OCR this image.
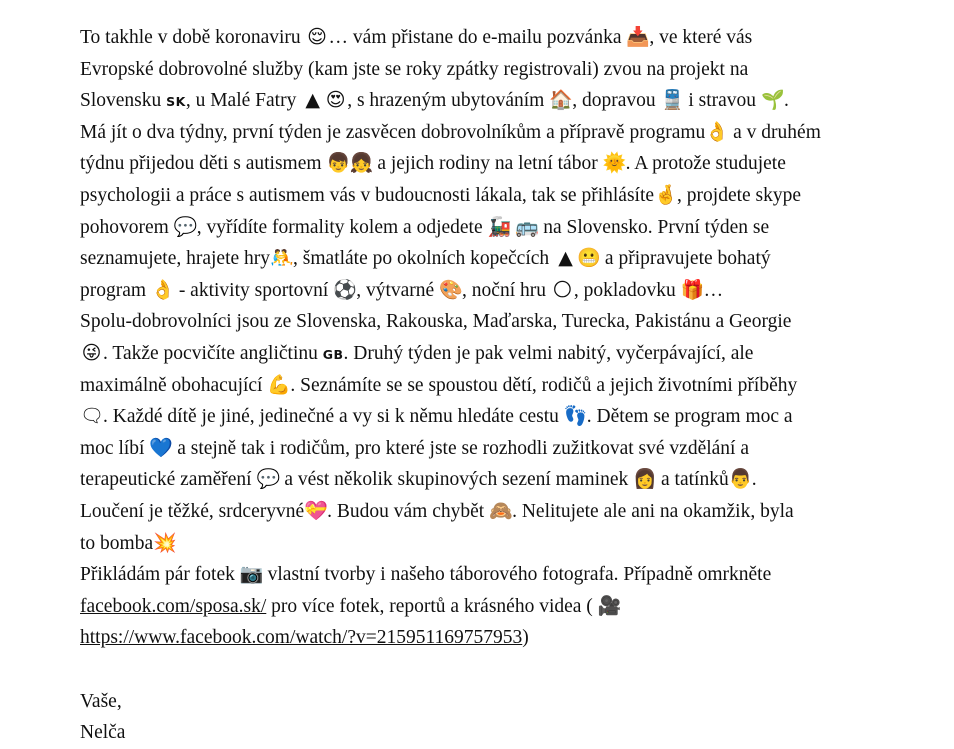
To takhle v době koronaviru 😌… vám přistane do e-mailu pozvánka 📥, ve které vás
Evropské dobrovolné služby (kam jste se roky zpátky registrovali) zvou na projekt na
Slovensku SK, u Malé Fatry ▲ 😍, s hrazeným ubytováním 🏠, dopravou 🚆 i stravou 🌱.
Má jít o dva týdny, první týden je zasvěcen dobrovolníkům a přípravě programu👌 a v druhém
týdnu přijedou děti s autismem 👦👧 a jejich rodiny na letní tábor 🌞. A protože studujete
psychologii a práce s autismem vás v budoucnosti lákala, tak se přihlásíte🤞, projdete skype
pohovorem 💬, vyřídíte formality kolem a odjedete 🚂 🚌 na Slovensko. První týden se
seznamujete, hrajete hry🤼, šmatláte po okolních kopečcích ▲ 😬 a připravujete bohatý
program 👌 - aktivity sportovní ⚽, výtvarné 🎨, noční hru 🌕, pokladovku 🎁…
Spolu-dobrovolníci jsou ze Slovenska, Rakouska, Maďarska, Turecka, Pakistánu a Georgie
😜. Takže pocvičíte angličtinu GB. Druhý týden je pak velmi nabitý, vyčerpávající, ale
maximálně obohacující 💪. Seznámíte se se spoustou dětí, rodičů a jejich životními příběhy
🗨. Každé dítě je jiné, jedinečné a vy si k němu hledáte cestu 👣. Dětem se program moc a
moc líbí 💙 a stejně tak i rodičům, pro které jste se rozhodli zužitkovat své vzdělání a
terapeutické zaměření 💬 a vést několik skupinových sezení maminek 👩 a tatínků👨.
Loučení je těžké, srdceryvné💝. Budou vám chybět 🙈. Nelitujete ale ani na okamžik, byla
to bomba💥
Přikládám pár fotek 📷 vlastní tvorby i našeho táborového fotografa. Případně omrkněte
facebook.com/sposa.sk/ pro více fotek, reportů a krásného videa ( 🎥
https://www.facebook.com/watch/?v=215951169757953)
Vaše,
Nelča
